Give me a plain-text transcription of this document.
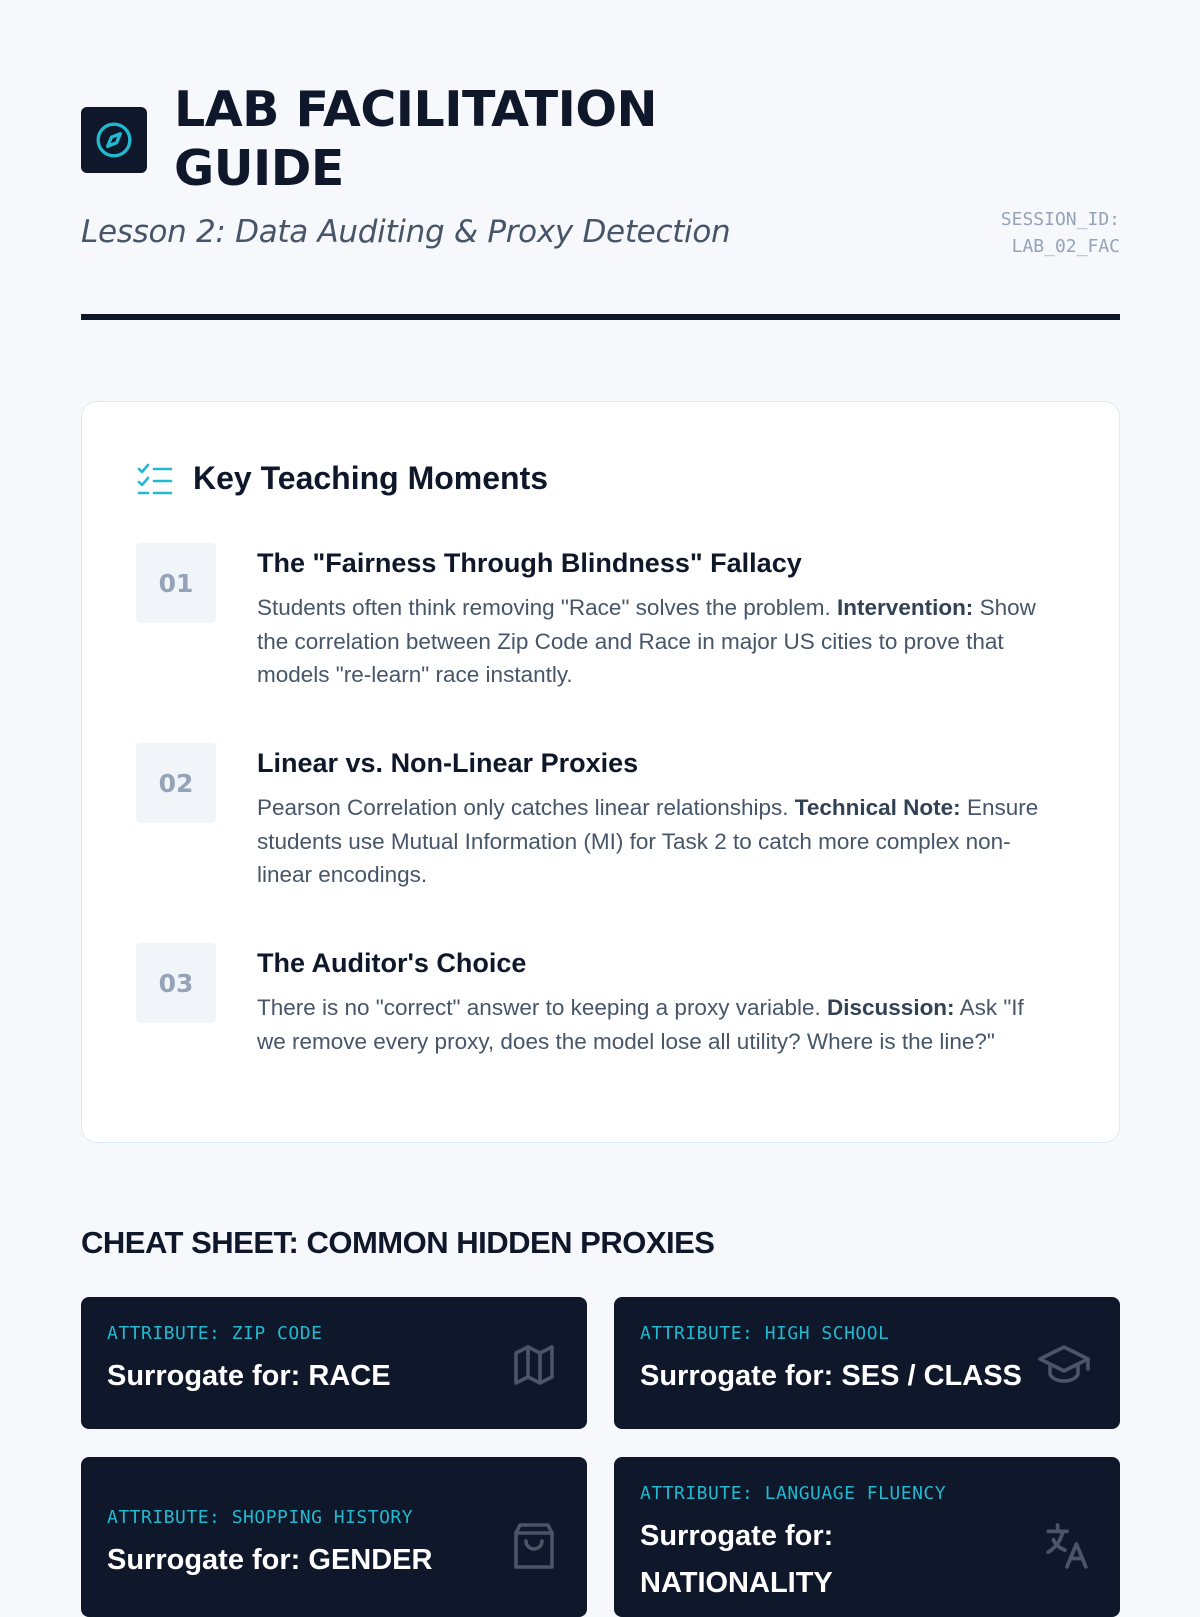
LAB FACILITATION GUIDE

Lesson 2: Data Auditing & Proxy Detection	SESSION_ID:
LAB_02_FAC
Key Teaching Moments
01
The "Fairness Through Blindness" Fallacy

Students often think removing "Race" solves the problem. Intervention: Show the correlation between Zip Code and Race in major US cities to prove that models "re-learn" race instantly.

02
Linear vs. Non-Linear Proxies

Pearson Correlation only catches linear relationships. Technical Note: Ensure students use Mutual Information (MI) for Task 2 to catch more complex non-linear encodings.

03
The Auditor's Choice

There is no "correct" answer to keeping a proxy variable. Discussion: Ask "If we remove every proxy, does the model lose all utility? Where is the line?"

CHEAT SHEET: COMMON HIDDEN PROXIES
ATTRIBUTE: ZIP CODE
Surrogate for: RACE
ATTRIBUTE: HIGH SCHOOL
Surrogate for: SES / CLASS
ATTRIBUTE: SHOPPING HISTORY
Surrogate for: GENDER
ATTRIBUTE: LANGUAGE FLUENCY
Surrogate for: NATIONALITY
